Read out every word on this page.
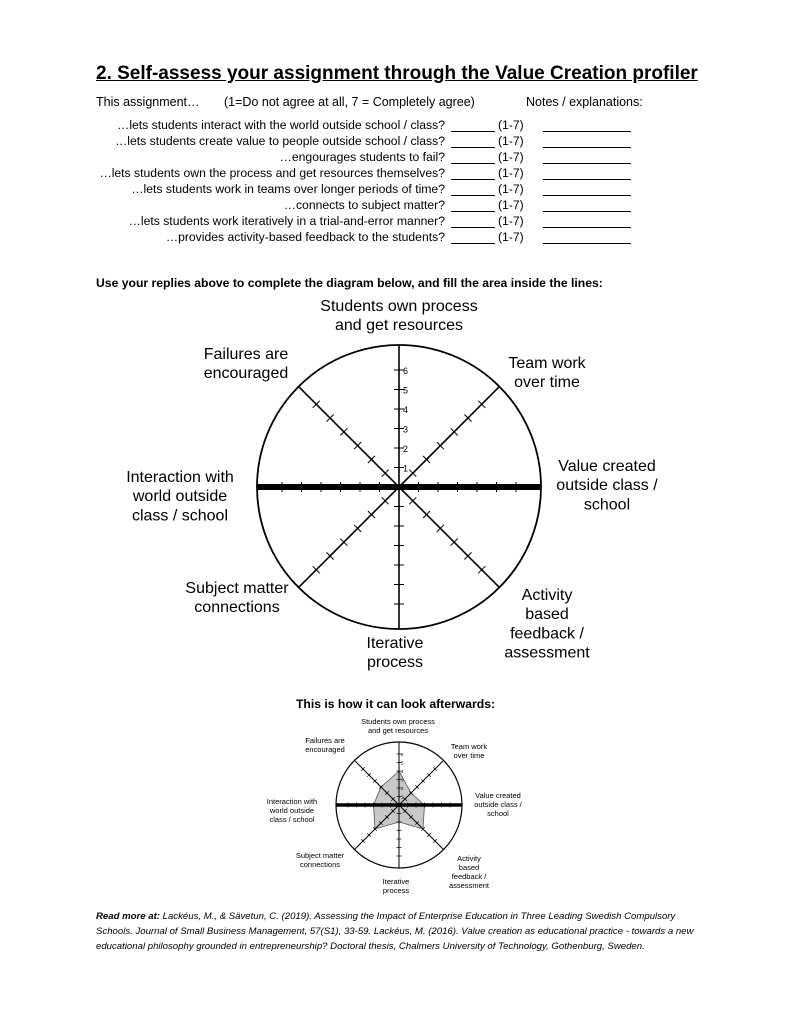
2. Self-assess your assignment through the Value Creation profiler
This assignment… (1=Do not agree at all, 7 = Completely agree)	Notes / explanations:
…lets students interact with the world outside school / class?	(1-7)
…lets students create value to people outside school / class?	(1-7)
…engourages students to fail?	(1-7)
…lets students own the process and get resources themselves?	(1-7)
…lets students work in teams over longer periods of time?	(1-7)
…connects to subject matter?	(1-7)
…lets students work iteratively in a trial-and-error manner?	(1-7)
…provides activity-based feedback to the students?	(1-7)
Use your replies above to complete the diagram below, and fill the area inside the lines:
1
2
3
4
5
6
Students own process and get resources
Team work over time
Value created outside class / school
Activity based feedback / assessment
Iterative process
Subject matter connections
Interaction with world outside class / school
Failures are encouraged
1
2
3
4
5
6
Students own process and get resources
Team work over time
Value created outside class / school
Activity based feedback / assessment
Iterative process
Subject matter connections
Interaction with world outside class / school
Failures are encouraged
This is how it can look afterwards:
Read more at: Lackéus, M., & Sävetun, C. (2019). Assessing the Impact of Enterprise Education in Three Leading Swedish Compulsory Schools. Journal of Small Business Management, 57(S1), 33-59. Lackéus, M. (2016). Value creation as educational practice - towards a new educational philosophy grounded in entrepreneurship? Doctoral thesis, Chalmers University of Technology, Gothenburg, Sweden.
